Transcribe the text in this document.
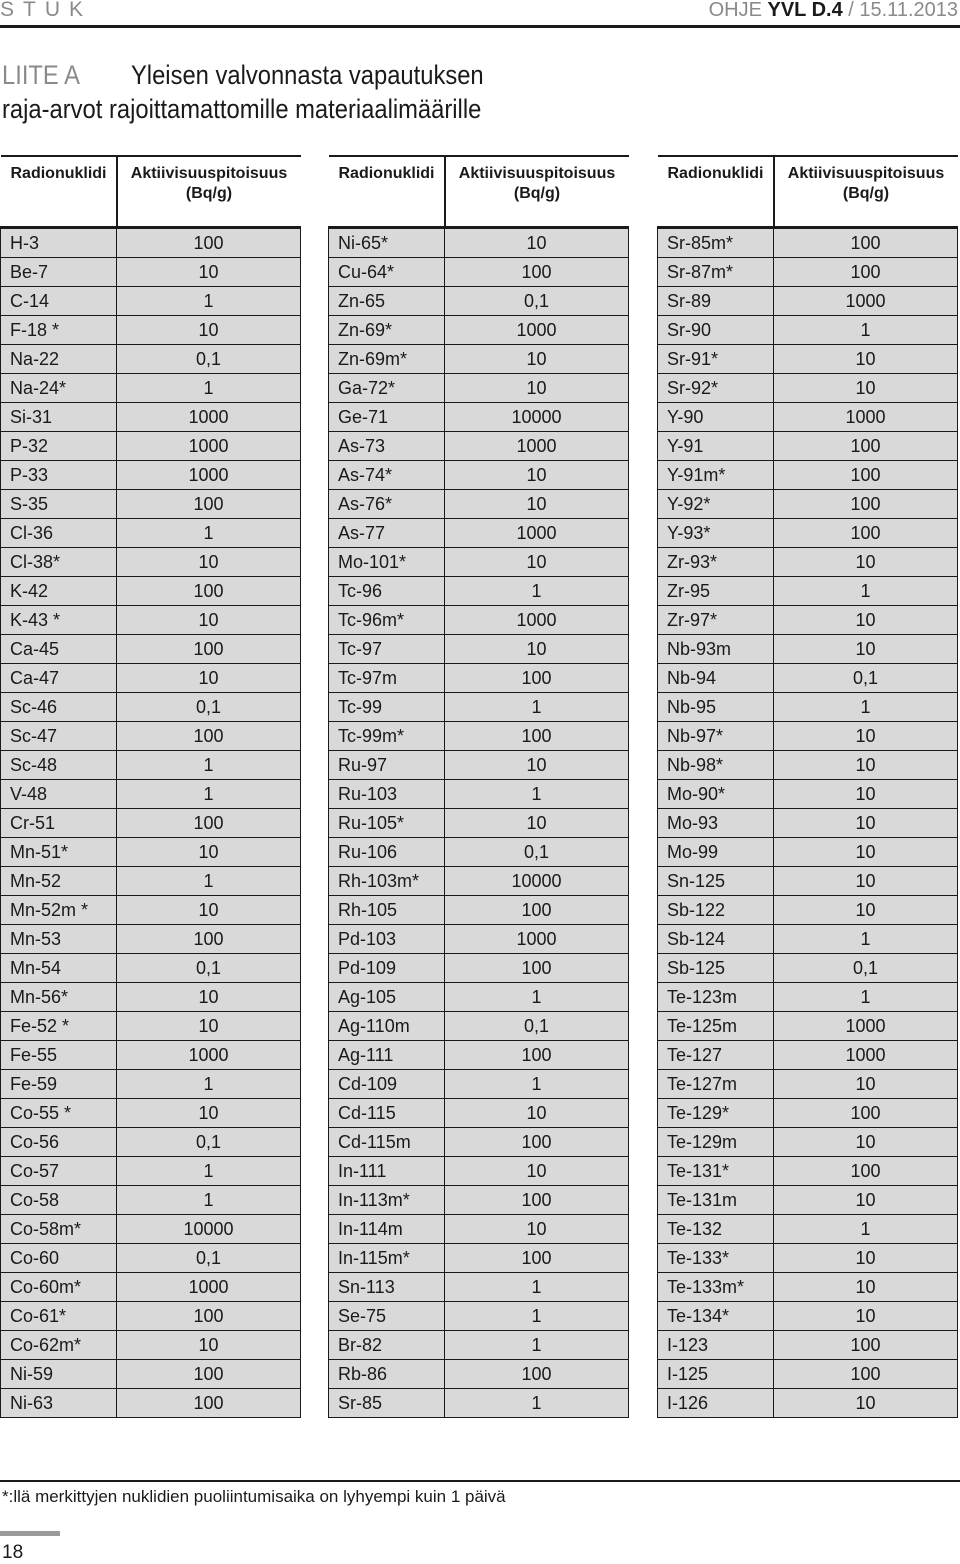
STUK	OHJE YVL D.4 / 15.11.2013
LIITE A Yleisen valvonnasta vapautuksen
raja-arvot rajoittamattomille materiaalimäärille
Radionuklidi	Aktiivisuuspitoisuus
(Bq/g)
H-3	100
Be-7	10
C-14	1
F-18 *	10
Na-22	0,1
Na-24*	1
Si-31	1000
P-32	1000
P-33	1000
S-35	100
Cl-36	1
Cl-38*	10
K-42	100
K-43 *	10
Ca-45	100
Ca-47	10
Sc-46	0,1
Sc-47	100
Sc-48	1
V-48	1
Cr-51	100
Mn-51*	10
Mn-52	1
Mn-52m *	10
Mn-53	100
Mn-54	0,1
Mn-56*	10
Fe-52 *	10
Fe-55	1000
Fe-59	1
Co-55 *	10
Co-56	0,1
Co-57	1
Co-58	1
Co-58m*	10000
Co-60	0,1
Co-60m*	1000
Co-61*	100
Co-62m*	10
Ni-59	100
Ni-63	100
Radionuklidi	Aktiivisuuspitoisuus
(Bq/g)
Ni-65*	10
Cu-64*	100
Zn-65	0,1
Zn-69*	1000
Zn-69m*	10
Ga-72*	10
Ge-71	10000
As-73	1000
As-74*	10
As-76*	10
As-77	1000
Mo-101*	10
Tc-96	1
Tc-96m*	1000
Tc-97	10
Tc-97m	100
Tc-99	1
Tc-99m*	100
Ru-97	10
Ru-103	1
Ru-105*	10
Ru-106	0,1
Rh-103m*	10000
Rh-105	100
Pd-103	1000
Pd-109	100
Ag-105	1
Ag-110m	0,1
Ag-111	100
Cd-109	1
Cd-115	10
Cd-115m	100
In-111	10
In-113m*	100
In-114m	10
In-115m*	100
Sn-113	1
Se-75	1
Br-82	1
Rb-86	100
Sr-85	1
Radionuklidi	Aktiivisuuspitoisuus
(Bq/g)
Sr-85m*	100
Sr-87m*	100
Sr-89	1000
Sr-90	1
Sr-91*	10
Sr-92*	10
Y-90	1000
Y-91	100
Y-91m*	100
Y-92*	100
Y-93*	100
Zr-93*	10
Zr-95	1
Zr-97*	10
Nb-93m	10
Nb-94	0,1
Nb-95	1
Nb-97*	10
Nb-98*	10
Mo-90*	10
Mo-93	10
Mo-99	10
Sn-125	10
Sb-122	10
Sb-124	1
Sb-125	0,1
Te-123m	1
Te-125m	1000
Te-127	1000
Te-127m	10
Te-129*	100
Te-129m	10
Te-131*	100
Te-131m	10
Te-132	1
Te-133*	10
Te-133m*	10
Te-134*	10
I-123	100
I-125	100
I-126	10
*:llä merkittyjen nuklidien puoliintumisaika on lyhyempi kuin 1 päivä
18
